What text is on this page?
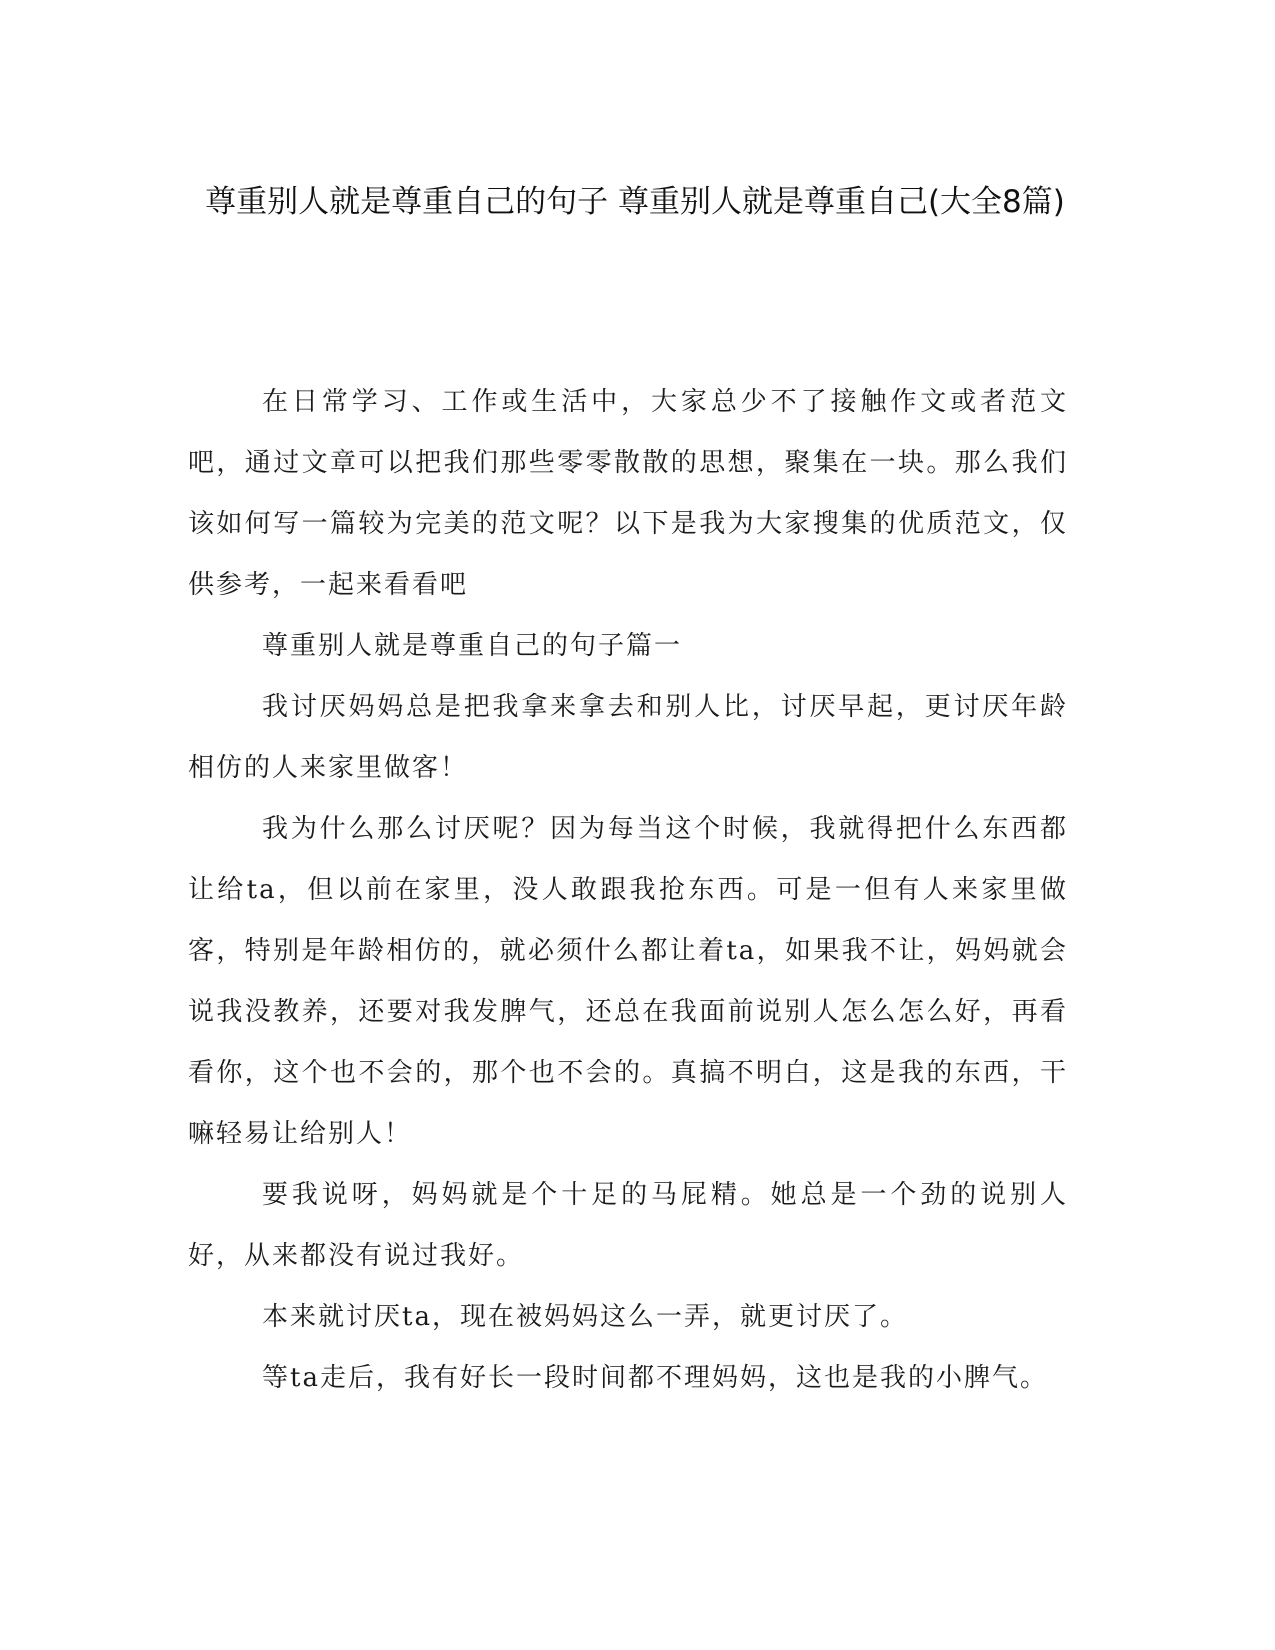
尊重别人就是尊重自己的句子 尊重别人就是尊重自己(大全8篇)

在日常学习、工作或生活中，大家总少不了接触作文或者范文吧，通过文章可以把我们那些零零散散的思想，聚集在一块。那么我们该如何写一篇较为完美的范文呢？以下是我为大家搜集的优质范文，仅供参考，一起来看看吧

尊重别人就是尊重自己的句子篇一

我讨厌妈妈总是把我拿来拿去和别人比，讨厌早起，更讨厌年龄相仿的人来家里做客！

我为什么那么讨厌呢？因为每当这个时候，我就得把什么东西都让给ta，但以前在家里，没人敢跟我抢东西。可是一但有人来家里做客，特别是年龄相仿的，就必须什么都让着ta，如果我不让，妈妈就会说我没教养，还要对我发脾气，还总在我面前说别人怎么怎么好，再看看你，这个也不会的，那个也不会的。真搞不明白，这是我的东西，干嘛轻易让给别人！

要我说呀，妈妈就是个十足的马屁精。她总是一个劲的说别人好，从来都没有说过我好。

本来就讨厌ta，现在被妈妈这么一弄，就更讨厌了。

等ta走后，我有好长一段时间都不理妈妈，这也是我的小脾气。
